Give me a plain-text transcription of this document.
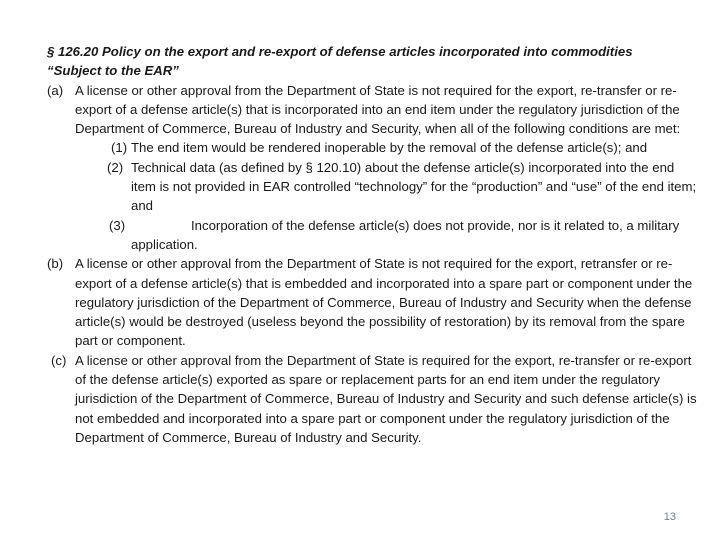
§ 126.20 Policy on the export and re-export of defense articles incorporated into commodities
“Subject to the EAR”

(a) A license or other approval from the Department of State is not required for the export, re-transfer or re-export of a defense article(s) that is incorporated into an end item under the regulatory jurisdiction of the Department of Commerce, Bureau of Industry and Security, when all of the following conditions are met:
(1) The end item would be rendered inoperable by the removal of the defense article(s); and
(2) Technical data (as defined by § 120.10) about the defense article(s) incorporated into the end item is not provided in EAR controlled “technology” for the “production” and “use” of the end item; and
(3)	Incorporation of the defense article(s) does not provide, nor is it related to, a military application.
(b) A license or other approval from the Department of State is not required for the export, retransfer or re-export of a defense article(s) that is embedded and incorporated into a spare part or component under the regulatory jurisdiction of the Department of Commerce, Bureau of Industry and Security when the defense article(s) would be destroyed (useless beyond the possibility of restoration) by its removal from the spare part or component.
(c) A license or other approval from the Department of State is required for the export, re-transfer or re-export of the defense article(s) exported as spare or replacement parts for an end item under the regulatory jurisdiction of the Department of Commerce, Bureau of Industry and Security and such defense article(s) is not embedded and incorporated into a spare part or component under the regulatory jurisdiction of the Department of Commerce, Bureau of Industry and Security.
13
